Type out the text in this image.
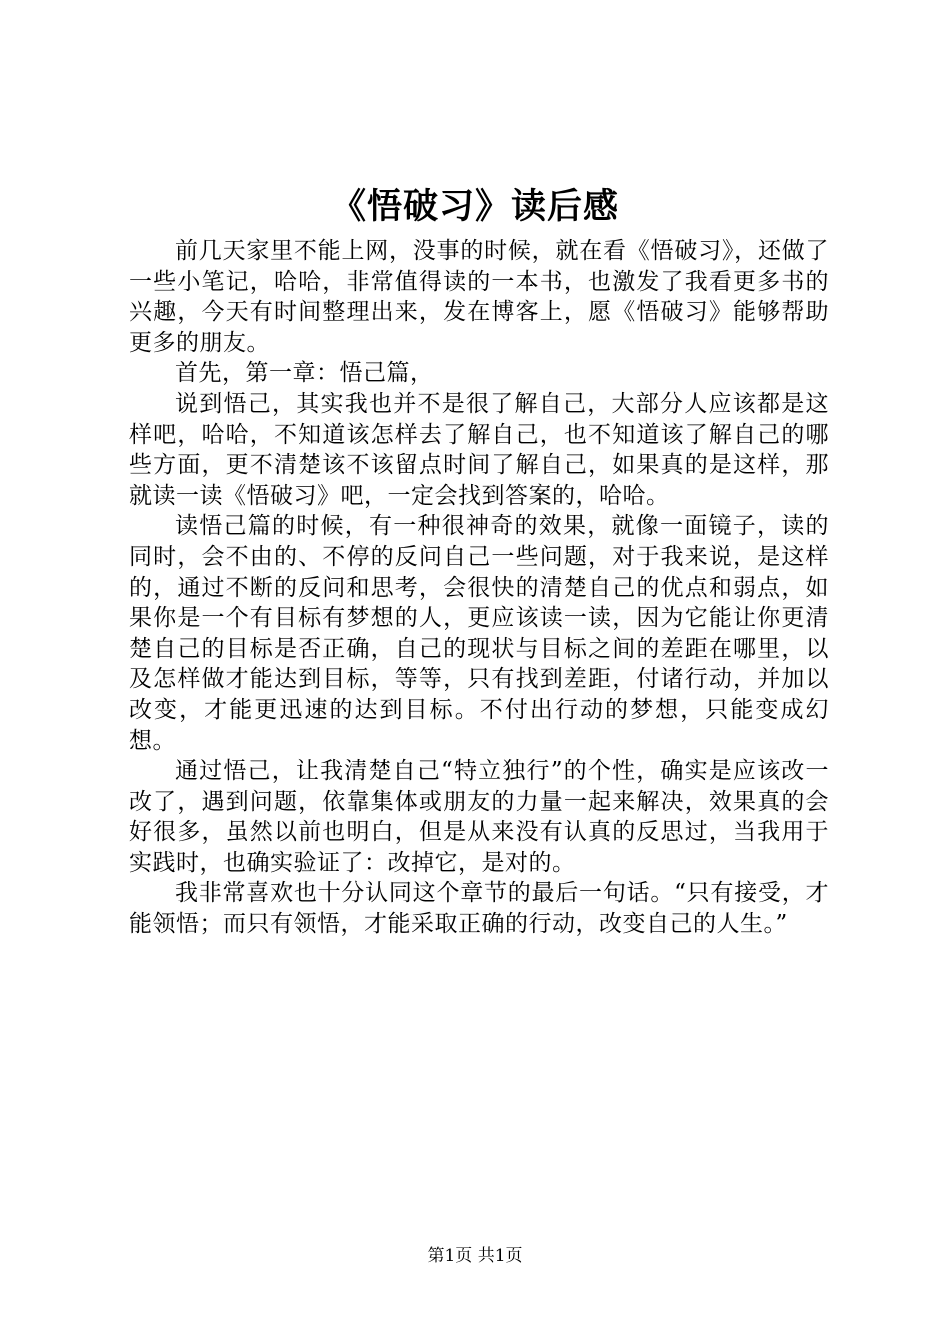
《悟破习》读后感

前几天家里不能上网，没事的时候，就在看《悟破习》，还做了一些小笔记，哈哈，非常值得读的一本书，也激发了我看更多书的兴趣，今天有时间整理出来，发在博客上，愿《悟破习》能够帮助更多的朋友。

首先，第一章：悟己篇，

说到悟己，其实我也并不是很了解自己，大部分人应该都是这样吧，哈哈，不知道该怎样去了解自己，也不知道该了解自己的哪些方面，更不清楚该不该留点时间了解自己，如果真的是这样，那就读一读《悟破习》吧，一定会找到答案的，哈哈。

读悟己篇的时候，有一种很神奇的效果，就像一面镜子，读的同时，会不由的、不停的反问自己一些问题，对于我来说，是这样的，通过不断的反问和思考，会很快的清楚自己的优点和弱点，如果你是一个有目标有梦想的人，更应该读一读，因为它能让你更清楚自己的目标是否正确，自己的现状与目标之间的差距在哪里，以及怎样做才能达到目标，等等，只有找到差距，付诸行动，并加以改变，才能更迅速的达到目标。不付出行动的梦想，只能变成幻想。

通过悟己，让我清楚自己“特立独行”的个性，确实是应该改一改了，遇到问题，依靠集体或朋友的力量一起来解决，效果真的会好很多，虽然以前也明白，但是从来没有认真的反思过，当我用于实践时，也确实验证了：改掉它，是对的。

我非常喜欢也十分认同这个章节的最后一句话。“只有接受，才能领悟；而只有领悟，才能采取正确的行动，改变自己的人生。”

第1页 共1页
